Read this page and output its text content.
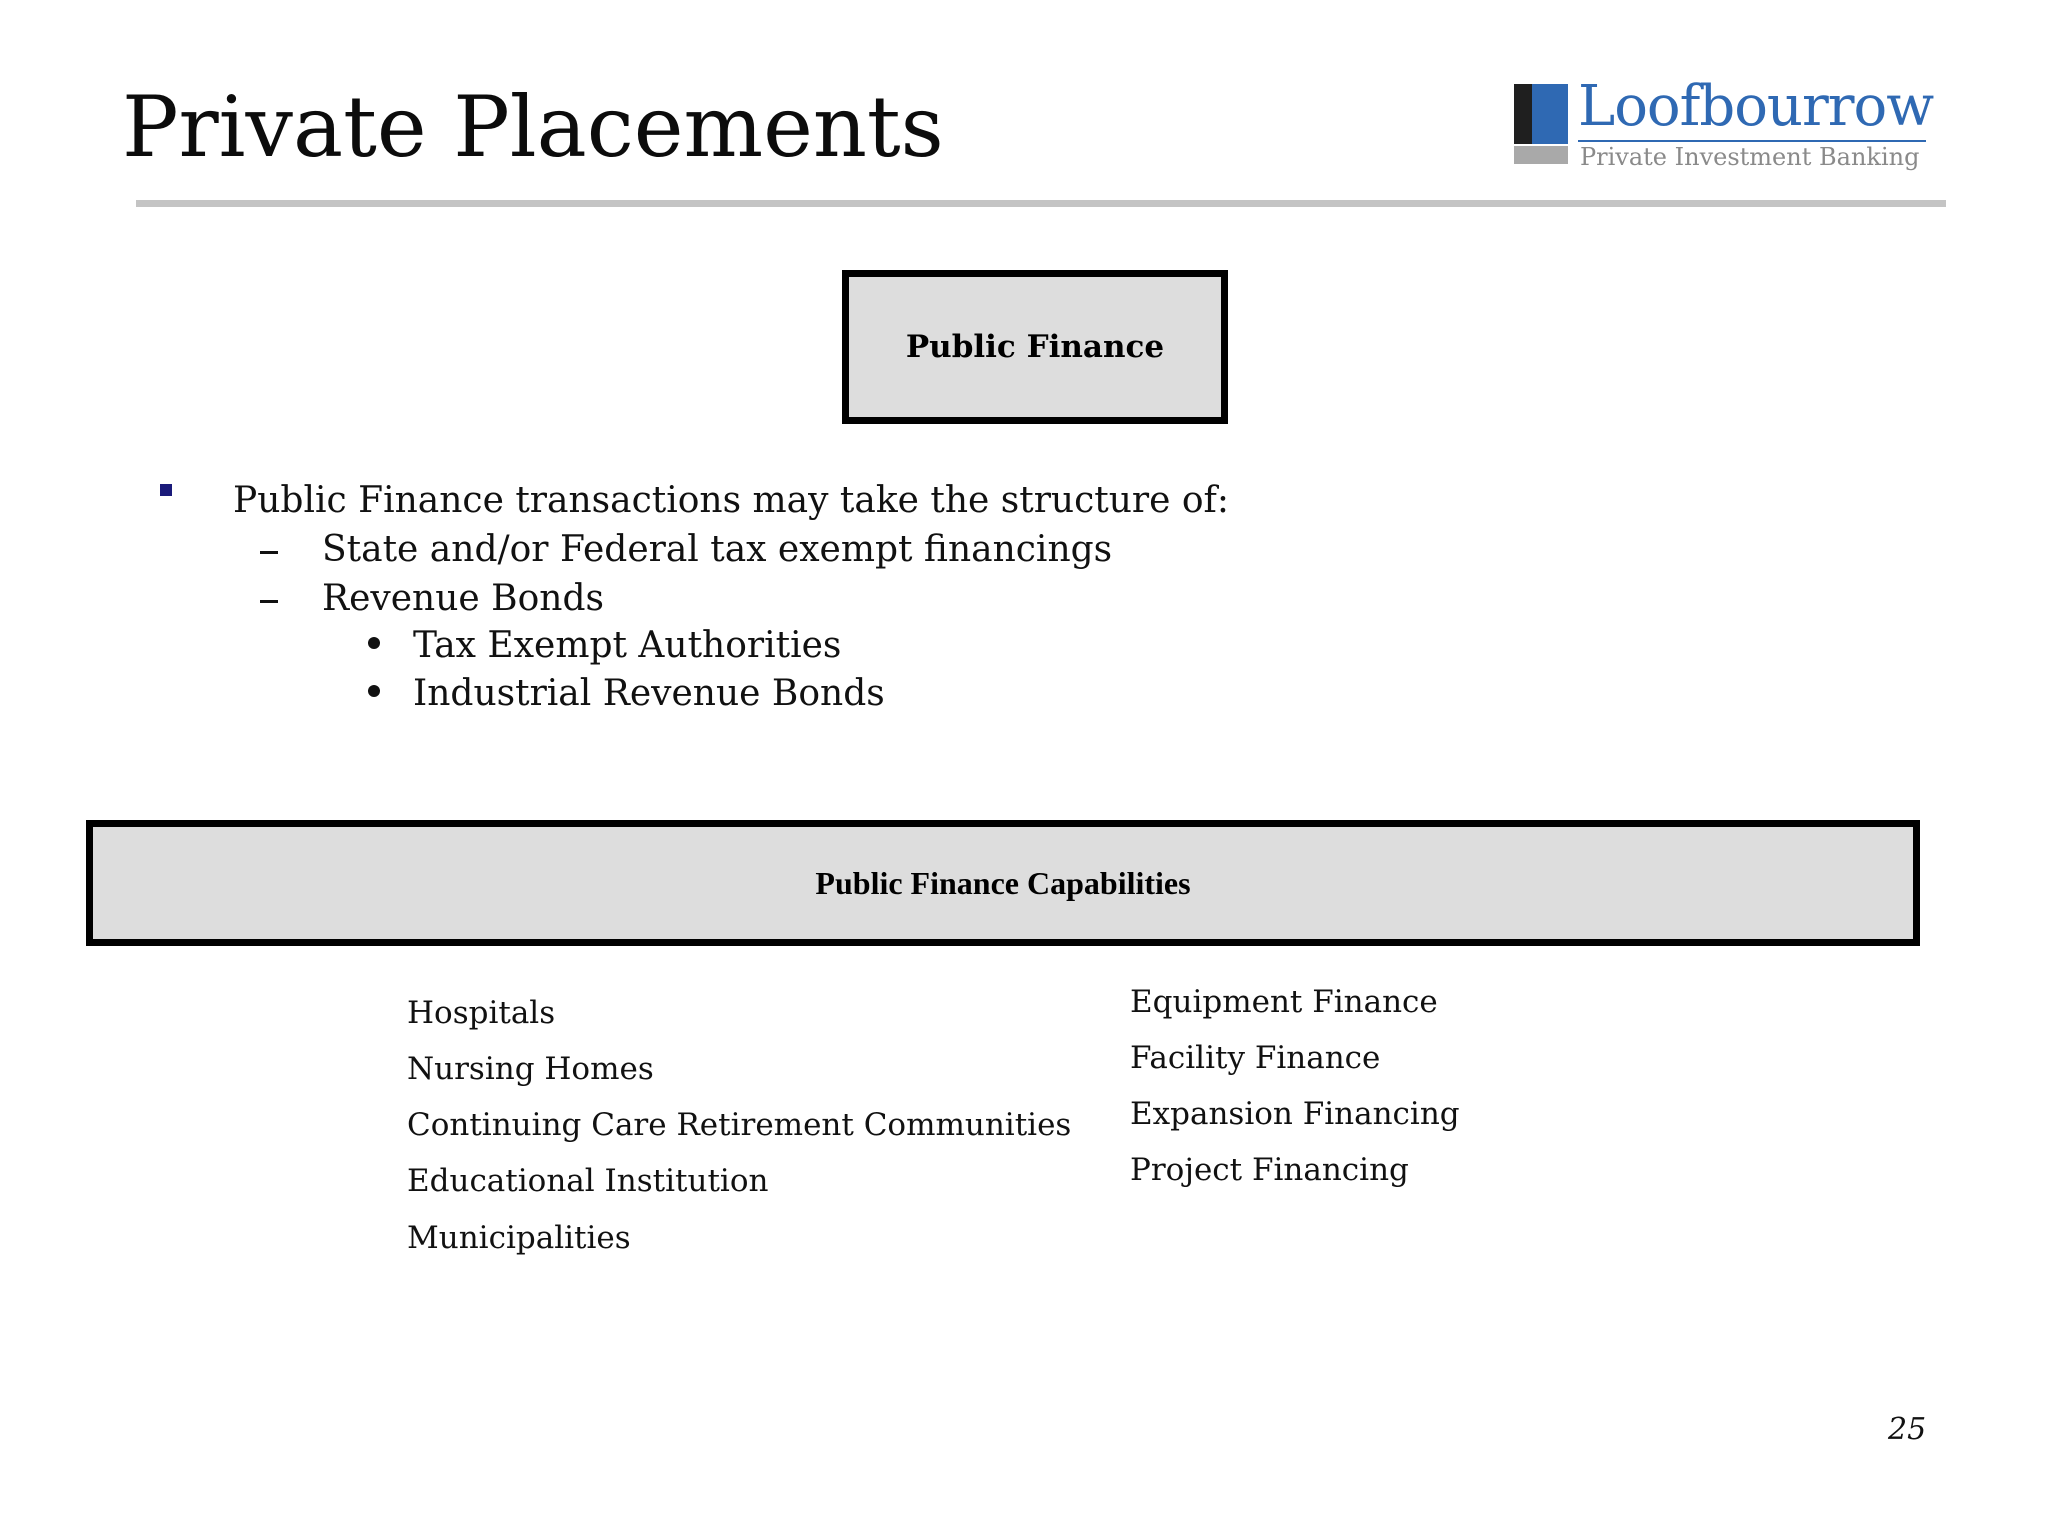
Private Placements	Loofbourrow
Private Investment Banking
Public Finance
Public Finance transactions may take the structure of:
State and/or Federal tax exempt financings
Revenue Bonds
Tax Exempt Authorities
Industrial Revenue Bonds
Public Finance Capabilities
Hospitals
Nursing Homes
Continuing Care Retirement Communities
Educational Institution
Municipalities
Equipment Finance
Facility Finance
Expansion Financing
Project Financing
25
